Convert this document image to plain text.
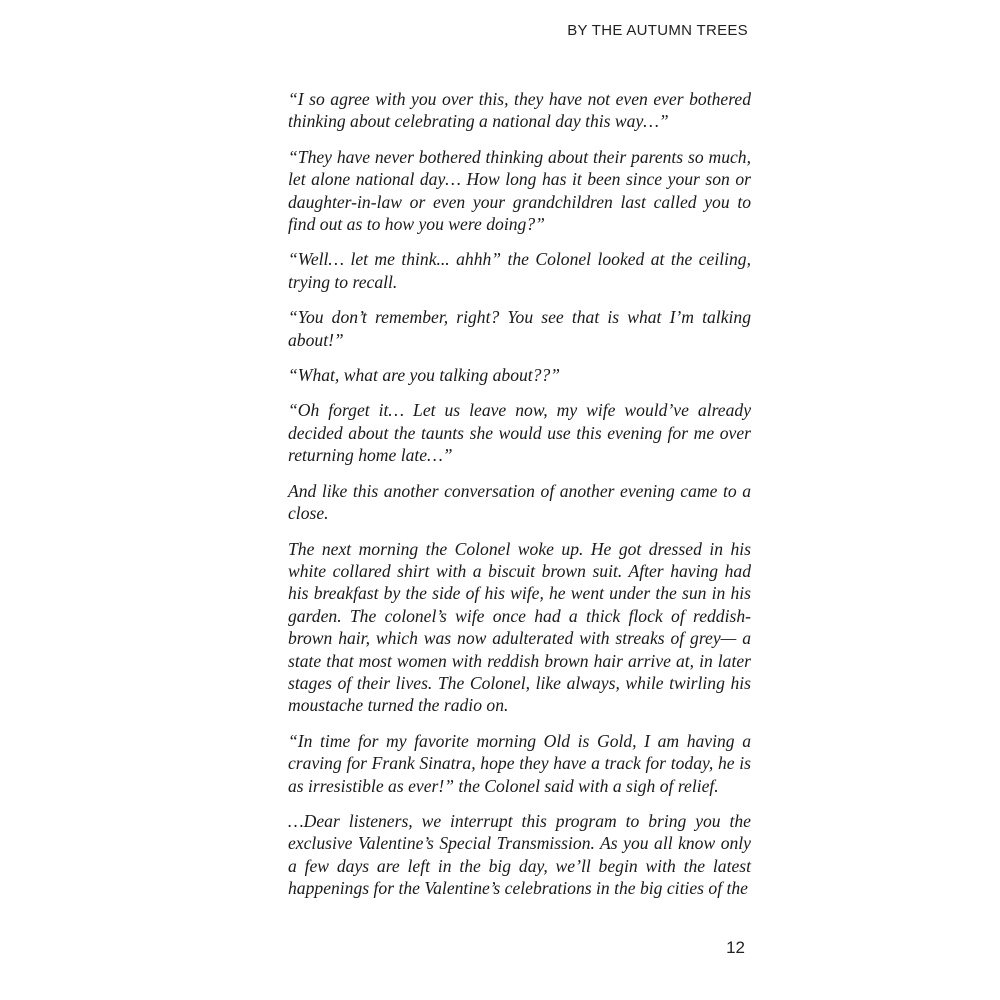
BY THE AUTUMN TREES

“I so agree with you over this, they have not even ever bothered thinking about celebrating a national day this way…”

“They have never bothered thinking about their parents so much, let alone national day… How long has it been since your son or daughter-in-law or even your grandchildren last called you to find out as to how you were doing?”

“Well… let me think... ahhh” the Colonel looked at the ceiling, trying to recall.

“You don’t remember, right? You see that is what I’m talking about!”

“What, what are you talking about??”

“Oh forget it… Let us leave now, my wife would’ve already decided about the taunts she would use this evening for me over returning home late…”

And like this another conversation of another evening came to a close.

The next morning the Colonel woke up. He got dressed in his white collared shirt with a biscuit brown suit. After having had his breakfast by the side of his wife, he went under the sun in his garden. The colonel’s wife once had a thick flock of reddish-brown hair, which was now adulterated with streaks of grey— a state that most women with reddish brown hair arrive at, in later stages of their lives. The Colonel, like always, while twirling his moustache turned the radio on.

“In time for my favorite morning Old is Gold, I am having a craving for Frank Sinatra, hope they have a track for today, he is as irresistible as ever!” the Colonel said with a sigh of relief.

…Dear listeners, we interrupt this program to bring you the exclusive Valentine’s Special Transmission. As you all know only a few days are left in the big day, we’ll begin with the latest happenings for the Valentine’s celebrations in the big cities of the

12
